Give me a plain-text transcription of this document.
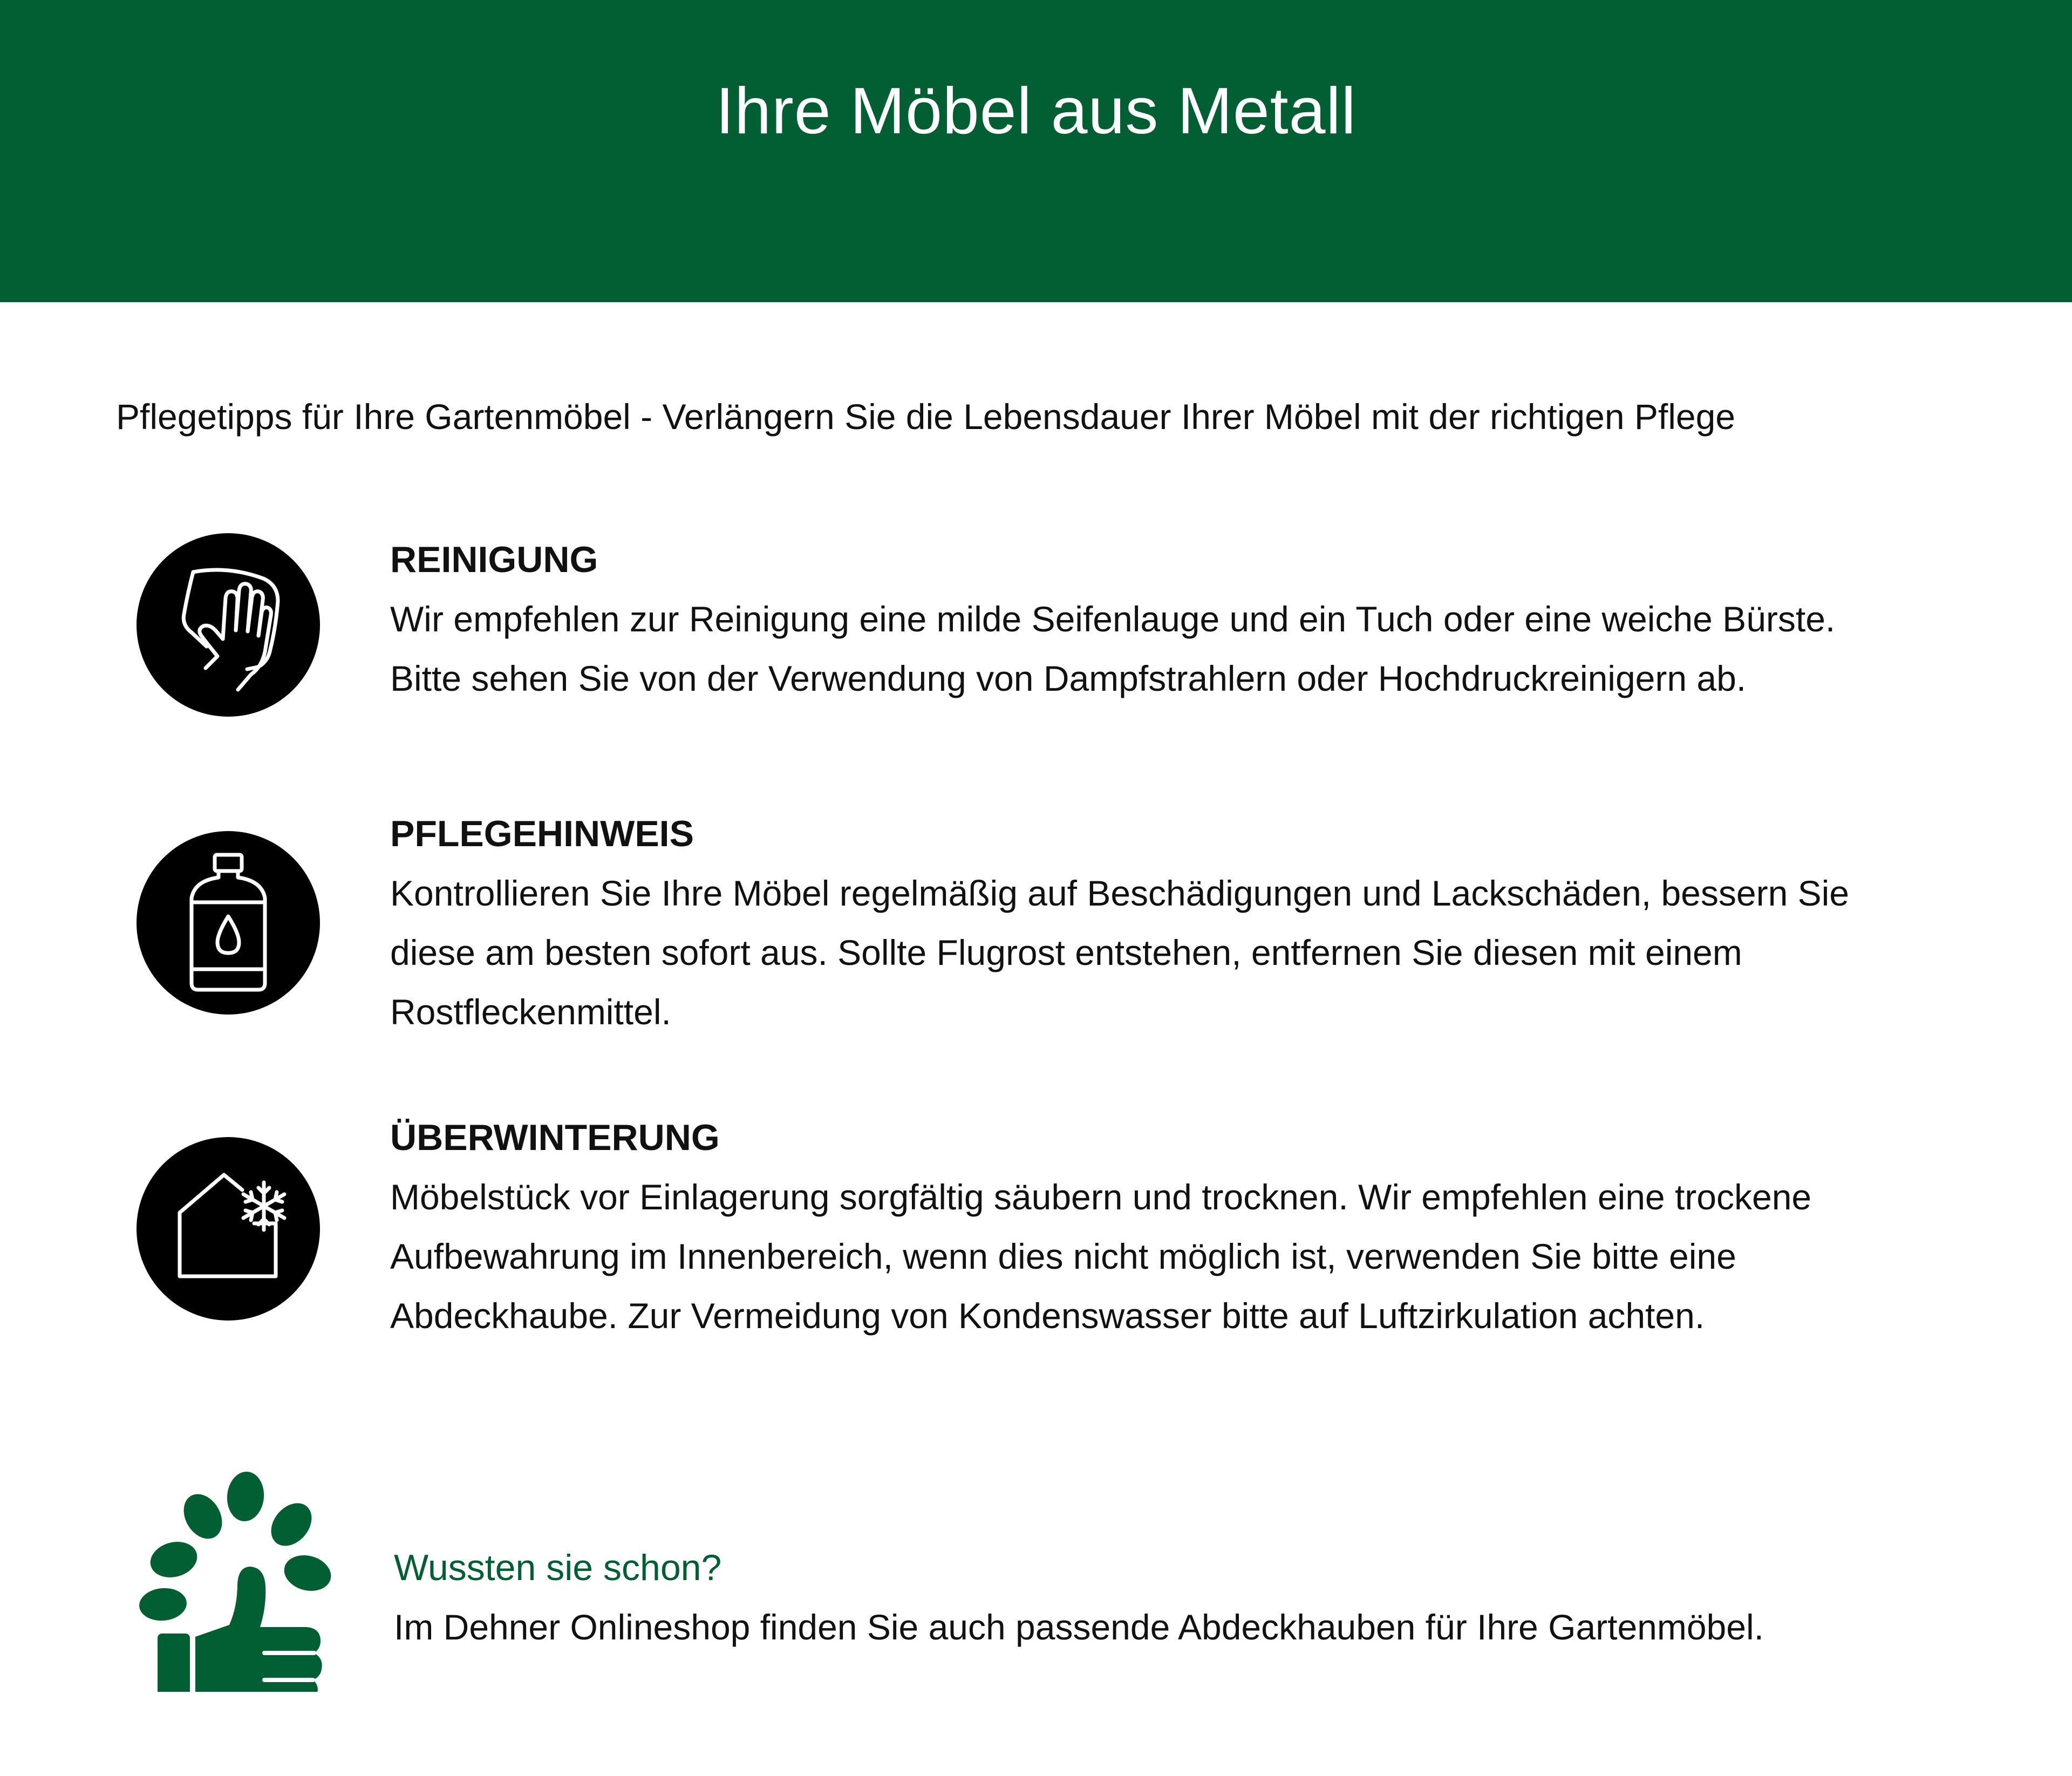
Ihre Möbel aus Metall
Pflegetipps für Ihre Gartenmöbel - Verlängern Sie die Lebensdauer Ihrer Möbel mit der richtigen Pflege
REINIGUNG
Wir empfehlen zur Reinigung eine milde Seifenlauge und ein Tuch oder eine weiche Bürste.
Bitte sehen Sie von der Verwendung von Dampfstrahlern oder Hochdruckreinigern ab.
PFLEGEHINWEIS
Kontrollieren Sie Ihre Möbel regelmäßig auf Beschädigungen und Lackschäden, bessern Sie
diese am besten sofort aus. Sollte Flugrost entstehen, entfernen Sie diesen mit einem
Rostfleckenmittel.
ÜBERWINTERUNG
Möbelstück vor Einlagerung sorgfältig säubern und trocknen. Wir empfehlen eine trockene
Aufbewahrung im Innenbereich, wenn dies nicht möglich ist, verwenden Sie bitte eine
Abdeckhaube. Zur Vermeidung von Kondenswasser bitte auf Luftzirkulation achten.
Wussten sie schon?
Im Dehner Onlineshop finden Sie auch passende Abdeckhauben für Ihre Gartenmöbel.
